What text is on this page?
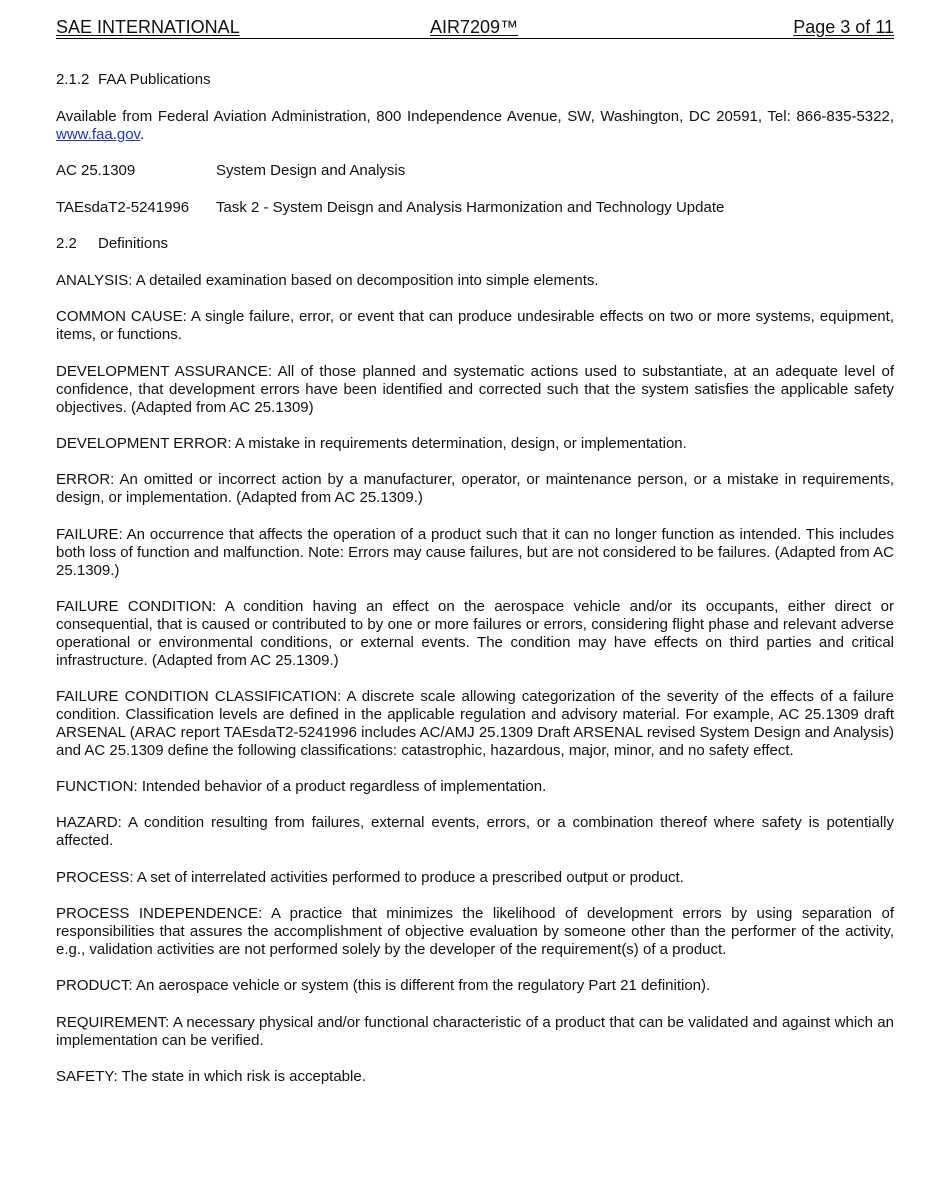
SAE INTERNATIONAL	AIR7209™	Page 3 of 11

2.1.2 FAA Publications

Available from Federal Aviation Administration, 800 Independence Avenue, SW, Washington, DC 20591, Tel: 866-835-5322, www.faa.gov.

AC 25.1309	System Design and Analysis

TAEsdaT2-5241996 Task 2 - System Deisgn and Analysis Harmonization and Technology Update

2.2 Definitions

ANALYSIS: A detailed examination based on decomposition into simple elements.

COMMON CAUSE: A single failure, error, or event that can produce undesirable effects on two or more systems, equipment, items, or functions.

DEVELOPMENT ASSURANCE: All of those planned and systematic actions used to substantiate, at an adequate level of confidence, that development errors have been identified and corrected such that the system satisfies the applicable safety objectives. (Adapted from AC 25.1309)

DEVELOPMENT ERROR: A mistake in requirements determination, design, or implementation.

ERROR: An omitted or incorrect action by a manufacturer, operator, or maintenance person, or a mistake in requirements, design, or implementation. (Adapted from AC 25.1309.)

FAILURE: An occurrence that affects the operation of a product such that it can no longer function as intended. This includes both loss of function and malfunction. Note: Errors may cause failures, but are not considered to be failures. (Adapted from AC 25.1309.)

FAILURE CONDITION: A condition having an effect on the aerospace vehicle and/or its occupants, either direct or consequential, that is caused or contributed to by one or more failures or errors, considering flight phase and relevant adverse operational or environmental conditions, or external events. The condition may have effects on third parties and critical infrastructure. (Adapted from AC 25.1309.)

FAILURE CONDITION CLASSIFICATION: A discrete scale allowing categorization of the severity of the effects of a failure condition. Classification levels are defined in the applicable regulation and advisory material. For example, AC 25.1309 draft ARSENAL (ARAC report TAEsdaT2-5241996 includes AC/AMJ 25.1309 Draft ARSENAL revised System Design and Analysis) and AC 25.1309 define the following classifications: catastrophic, hazardous, major, minor, and no safety effect.

FUNCTION: Intended behavior of a product regardless of implementation.

HAZARD: A condition resulting from failures, external events, errors, or a combination thereof where safety is potentially affected.

PROCESS: A set of interrelated activities performed to produce a prescribed output or product.

PROCESS INDEPENDENCE: A practice that minimizes the likelihood of development errors by using separation of responsibilities that assures the accomplishment of objective evaluation by someone other than the performer of the activity, e.g., validation activities are not performed solely by the developer of the requirement(s) of a product.

PRODUCT: An aerospace vehicle or system (this is different from the regulatory Part 21 definition).

REQUIREMENT: A necessary physical and/or functional characteristic of a product that can be validated and against which an implementation can be verified.

SAFETY: The state in which risk is acceptable.
